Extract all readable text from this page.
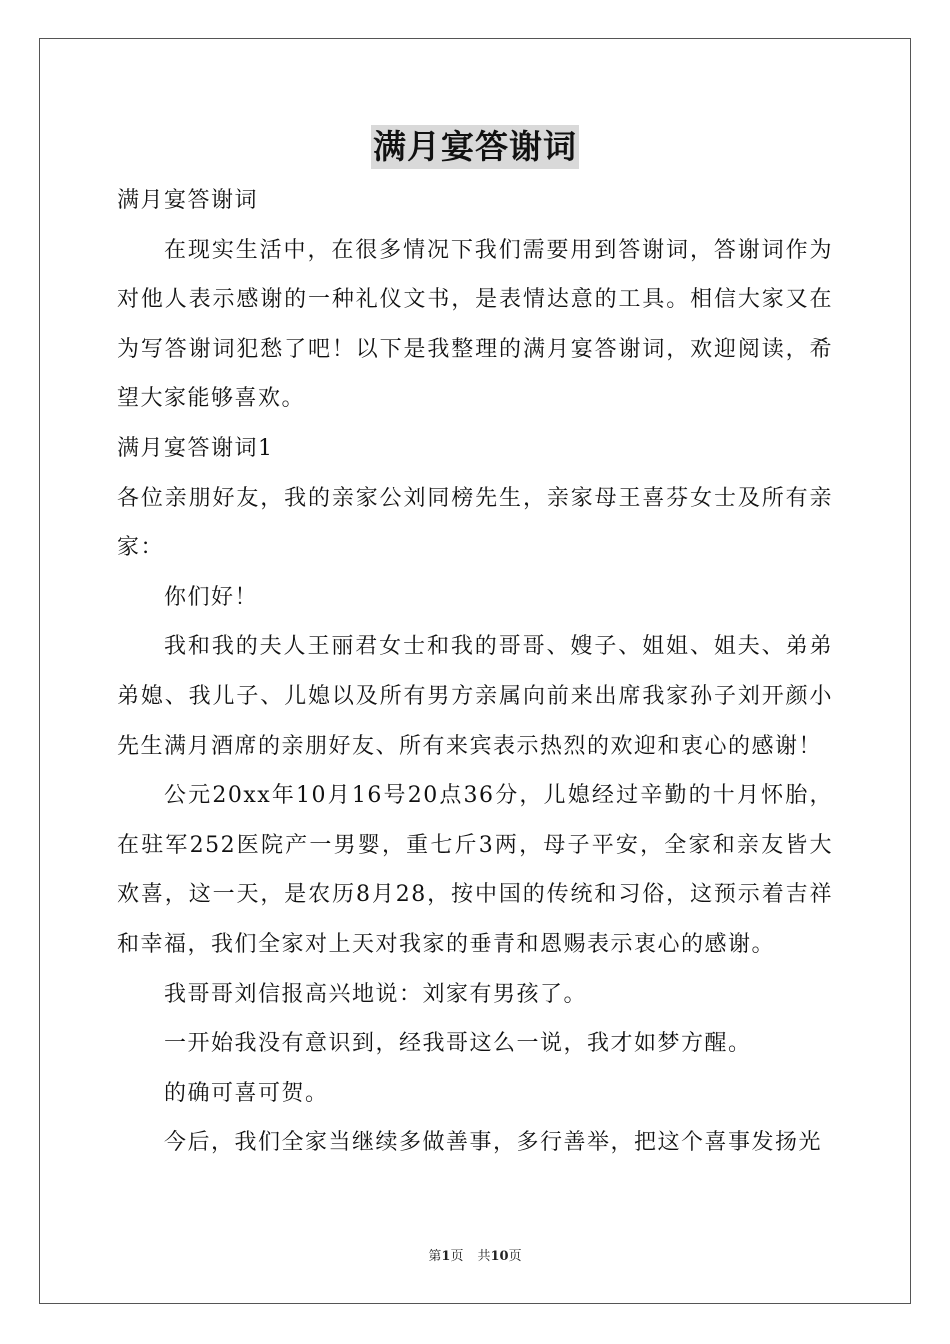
满月宴答谢词

满月宴答谢词

在现实生活中，在很多情况下我们需要用到答谢词，答谢词作为对他人表示感谢的一种礼仪文书，是表情达意的工具。相信大家又在为写答谢词犯愁了吧！以下是我整理的满月宴答谢词，欢迎阅读，希望大家能够喜欢。

满月宴答谢词1

各位亲朋好友，我的亲家公刘同榜先生，亲家母王喜芬女士及所有亲家：

你们好！

我和我的夫人王丽君女士和我的哥哥、嫂子、姐姐、姐夫、弟弟弟媳、我儿子、儿媳以及所有男方亲属向前来出席我家孙子刘开颜小先生满月酒席的亲朋好友、所有来宾表示热烈的欢迎和衷心的感谢！

公元20xx年10月16号20点36分，儿媳经过辛勤的十月怀胎，在驻军252医院产一男婴，重七斤3两，母子平安，全家和亲友皆大欢喜，这一天，是农历8月28，按中国的传统和习俗，这预示着吉祥和幸福，我们全家对上天对我家的垂青和恩赐表示衷心的感谢。

我哥哥刘信报高兴地说：刘家有男孩了。

一开始我没有意识到，经我哥这么一说，我才如梦方醒。

的确可喜可贺。

今后，我们全家当继续多做善事，多行善举，把这个喜事发扬光

第1页 共10页
